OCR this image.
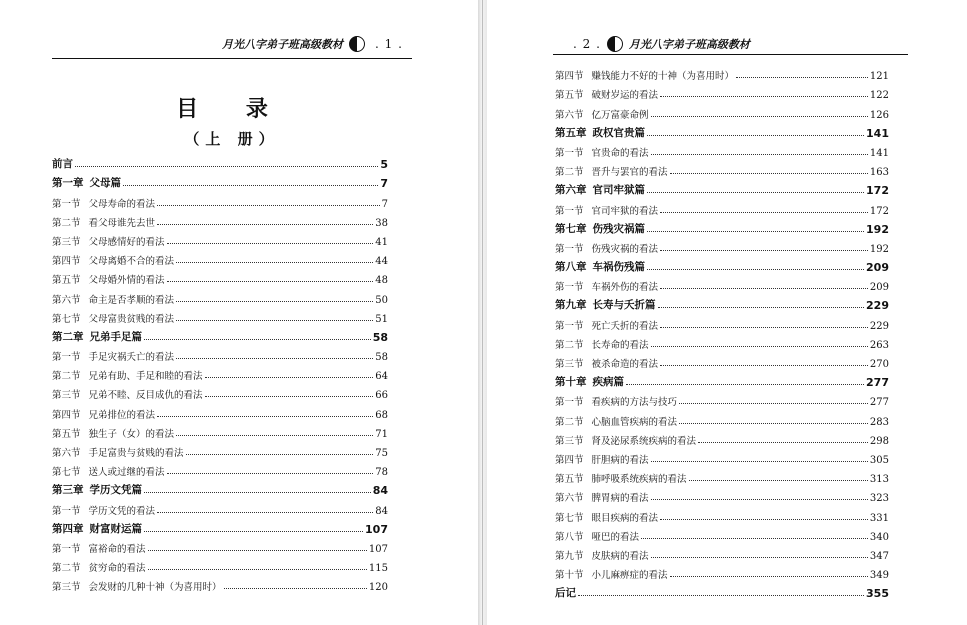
月光八字弟子班高级教材	. 1 .
目 录
（上 册）
前言	5
第一章 父母篇	7
第一节 父母寿命的看法	7
第二节 看父母谁先去世	38
第三节 父母感情好的看法	41
第四节 父母离婚不合的看法	44
第五节 父母婚外情的看法	48
第六节 命主是否孝顺的看法	50
第七节 父母富贵贫贱的看法	51
第二章 兄弟手足篇	58
第一节 手足灾祸夭亡的看法	58
第二节 兄弟有助、手足和睦的看法	64
第三节 兄弟不睦、反目成仇的看法	66
第四节 兄弟排位的看法	68
第五节 独生子（女）的看法	71
第六节 手足富贵与贫贱的看法	75
第七节 送人或过继的看法	78
第三章 学历文凭篇	84
第一节 学历文凭的看法	84
第四章 财富财运篇	107
第一节 富裕命的看法	107
第二节 贫穷命的看法	115
第三节 会发财的几种十神（为喜用时）	120
. 2 .	月光八字弟子班高级教材
第四节 赚钱能力不好的十神（为喜用时）	121
第五节 破财岁运的看法	122
第六节 亿万富豪命例	126
第五章 政权官贵篇	141
第一节 官贵命的看法	141
第二节 晋升与罢官的看法	163
第六章 官司牢狱篇	172
第一节 官司牢狱的看法	172
第七章 伤残灾祸篇	192
第一节 伤残灾祸的看法	192
第八章 车祸伤残篇	209
第一节 车祸外伤的看法	209
第九章 长寿与夭折篇	229
第一节 死亡夭折的看法	229
第二节 长寿命的看法	263
第三节 被杀命造的看法	270
第十章 疾病篇	277
第一节 看疾病的方法与技巧	277
第二节 心脑血管疾病的看法	283
第三节 肾及泌尿系统疾病的看法	298
第四节 肝胆病的看法	305
第五节 肺呼吸系统疾病的看法	313
第六节 脾胃病的看法	323
第七节 眼目疾病的看法	331
第八节 哑巴的看法	340
第九节 皮肤病的看法	347
第十节 小儿麻痹症的看法	349
后记	355
